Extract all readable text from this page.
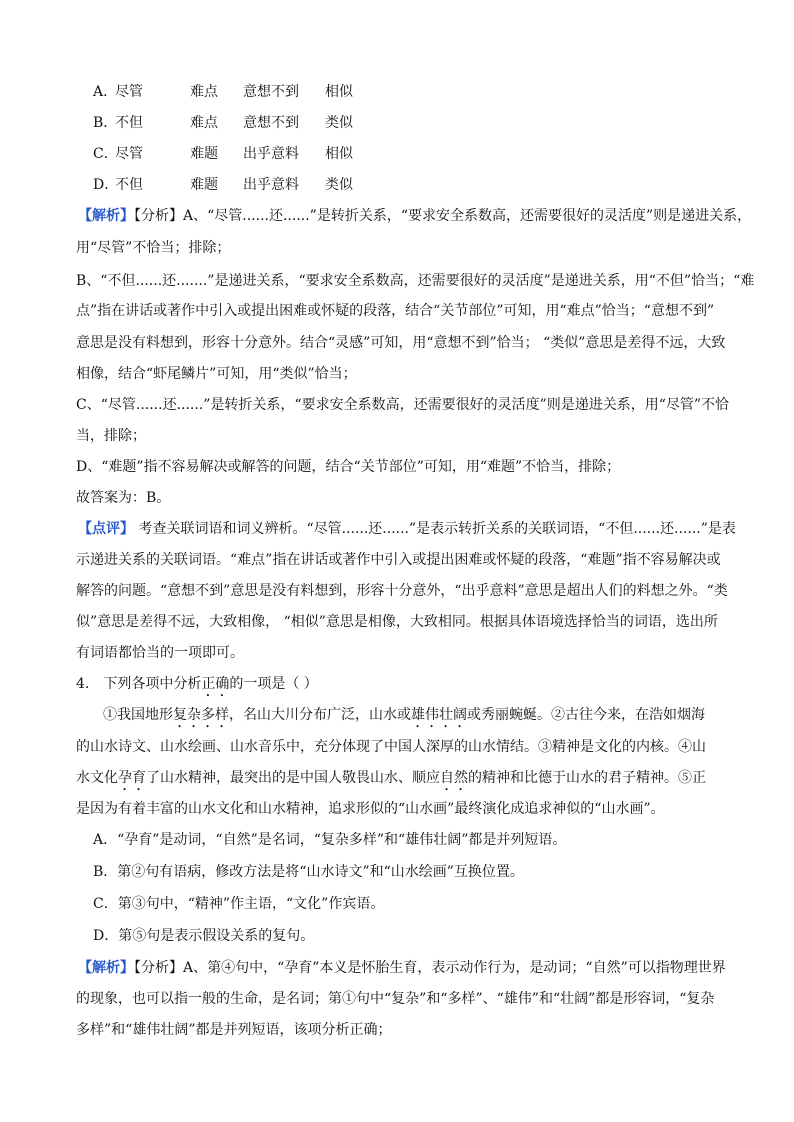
A．尽管	难点 意想不到 相似
B．不但	难点 意想不到 类似
C．尽管	难题 出乎意料 相似
D．不但	难题 出乎意料 类似
【解析】【分析】A、“尽管......还......”是转折关系，“要求安全系数高，还需要很好的灵活度”则是递进关系，
用“尽管”不恰当；排除；
B、“不但......还.......”是递进关系，“要求安全系数高，还需要很好的灵活度”是递进关系，用“不但”恰当；“难
点”指在讲话或著作中引入或提出困难或怀疑的段落，结合“关节部位”可知，用“难点”恰当；“意想不到”
意思是没有料想到，形容十分意外。结合“灵感”可知，用“意想不到”恰当； “类似”意思是差得不远，大致
相像，结合“虾尾鳞片”可知，用“类似”恰当；
C、“尽管......还......”是转折关系，“要求安全系数高，还需要很好的灵活度”则是递进关系，用“尽管”不恰
当，排除；
D、“难题”指不容易解决或解答的问题，结合“关节部位”可知，用“难题”不恰当，排除；
故答案为：B。
【点评】 考查关联词语和词义辨析。“尽管......还......”是表示转折关系的关联词语，“不但......还......”是表
示递进关系的关联词语。“难点”指在讲话或著作中引入或提出困难或怀疑的段落，“难题”指不容易解决或
解答的问题。“意想不到”意思是没有料想到，形容十分意外，“出乎意料”意思是超出人们的料想之外。“类
似”意思是差得不远，大致相像， “相似”意思是相像，大致相同。根据具体语境选择恰当的词语，选出所
有词语都恰当的一项即可。
4． 下列各项中分析正确的一项是（ ）
①我国地形复杂多样，名山大川分布广泛，山水或雄伟壮阔或秀丽蜿蜒。②古往今来，在浩如烟海
的山水诗文、山水绘画、山水音乐中，充分体现了中国人深厚的山水情结。③精神是文化的内核。④山
水文化孕育了山水精神，最突出的是中国人敬畏山水、顺应自然的精神和比德于山水的君子精神。⑤正
是因为有着丰富的山水文化和山水精神，追求形似的“山水画”最终演化成追求神似的“山水画”。
A．“孕育”是动词，“自然”是名词，“复杂多样”和“雄伟壮阔”都是并列短语。
B．第②句有语病，修改方法是将“山水诗文”和“山水绘画”互换位置。
C．第③句中，“精神”作主语，“文化”作宾语。
D．第⑤句是表示假设关系的复句。
【解析】【分析】A、第④句中，“孕育”本义是怀胎生育，表示动作行为，是动词；“自然”可以指物理世界
的现象，也可以指一般的生命，是名词；第①句中“复杂”和“多样”、“雄伟”和“壮阔”都是形容词，“复杂
多样”和“雄伟壮阔”都是并列短语，该项分析正确；
